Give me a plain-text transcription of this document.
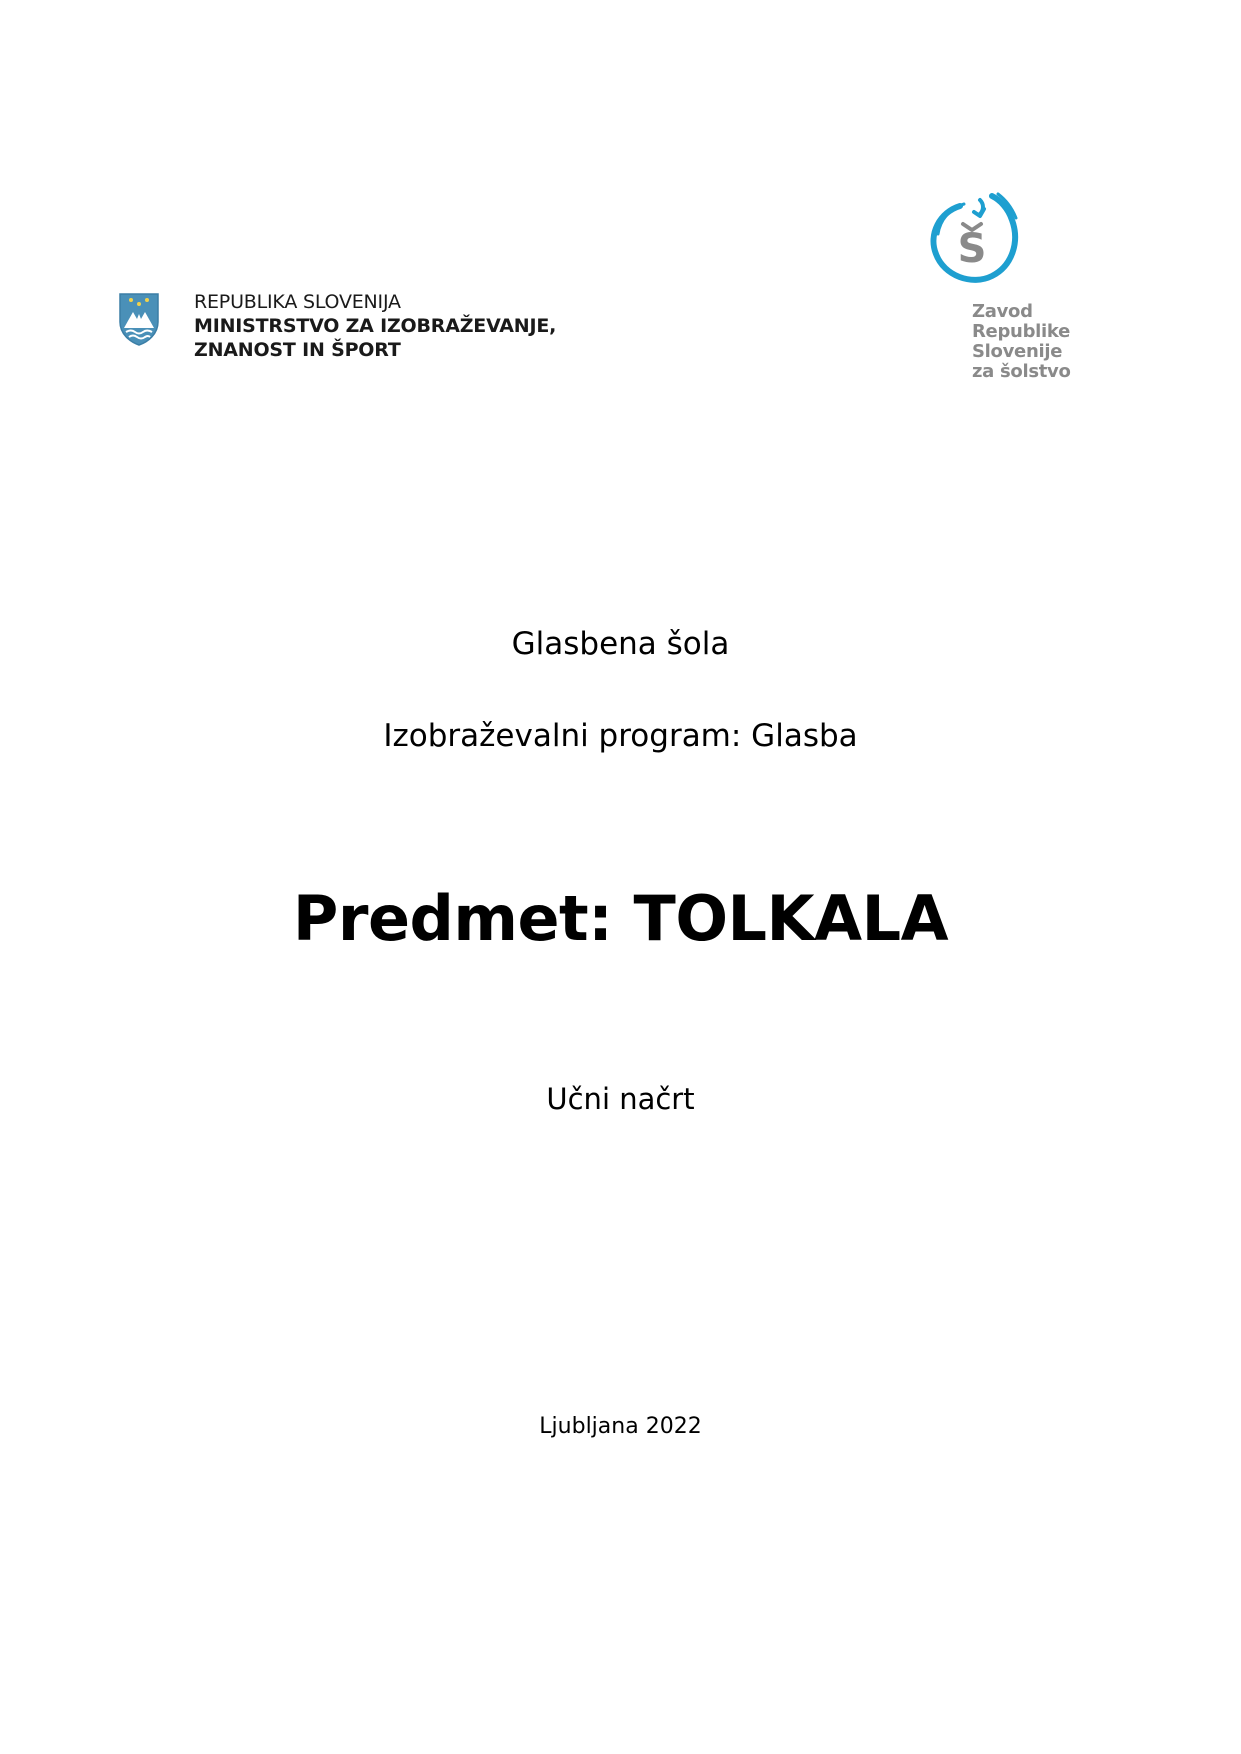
REPUBLIKA SLOVENIJA
MINISTRSTVO ZA IZOBRAŽEVANJE,
ZNANOST IN ŠPORT
S
Zavod
Republike
Slovenije
za šolstvo
Glasbena šola
Izobraževalni program: Glasba
Predmet: TOLKALA
Učni načrt
Ljubljana 2022
